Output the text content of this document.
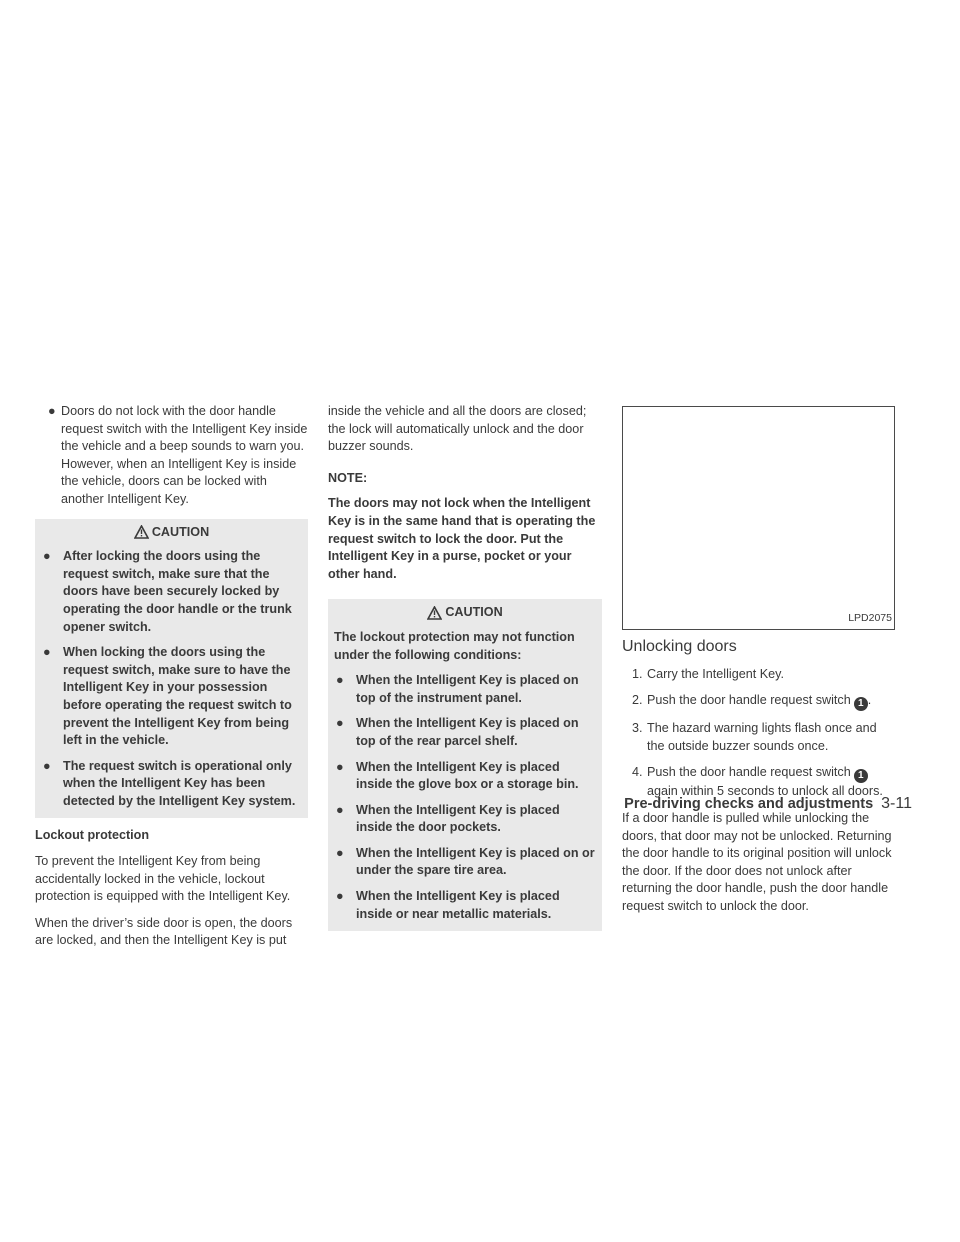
● Doors do not lock with the door handle request switch with the Intelligent Key inside the vehicle and a beep sounds to warn you. However, when an Intelligent Key is inside the vehicle, doors can be locked with another Intelligent Key.
CAUTION
● After locking the doors using the request switch, make sure that the doors have been securely locked by operating the door handle or the trunk opener switch.
● When locking the doors using the request switch, make sure to have the Intelligent Key in your possession before operating the request switch to prevent the Intelligent Key from being left in the vehicle.
● The request switch is operational only when the Intelligent Key has been detected by the Intelligent Key system.
Lockout protection

To prevent the Intelligent Key from being accidentally locked in the vehicle, lockout protection is equipped with the Intelligent Key.

When the driver’s side door is open, the doors are locked, and then the Intelligent Key is put

inside the vehicle and all the doors are closed; the lock will automatically unlock and the door buzzer sounds.

NOTE:

The doors may not lock when the Intelligent Key is in the same hand that is operating the request switch to lock the door. Put the Intelligent Key in a purse, pocket or your other hand.

CAUTION
The lockout protection may not function under the following conditions:
● When the Intelligent Key is placed on top of the instrument panel.
● When the Intelligent Key is placed on top of the rear parcel shelf.
● When the Intelligent Key is placed inside the glove box or a storage bin.
● When the Intelligent Key is placed inside the door pockets.
● When the Intelligent Key is placed on or under the spare tire area.
● When the Intelligent Key is placed inside or near metallic materials.
LPD2075
Unlocking doors
1. Carry the Intelligent Key.
2. Push the door handle request switch 1 .
3. The hazard warning lights flash once and the outside buzzer sounds once.
4. Push the door handle request switch 1 again within 5 seconds to unlock all doors.

If a door handle is pulled while unlocking the doors, that door may not be unlocked. Returning the door handle to its original position will unlock the door. If the door does not unlock after returning the door handle, push the door handle request switch to unlock the door.

Pre-driving checks and adjustments 3-11
